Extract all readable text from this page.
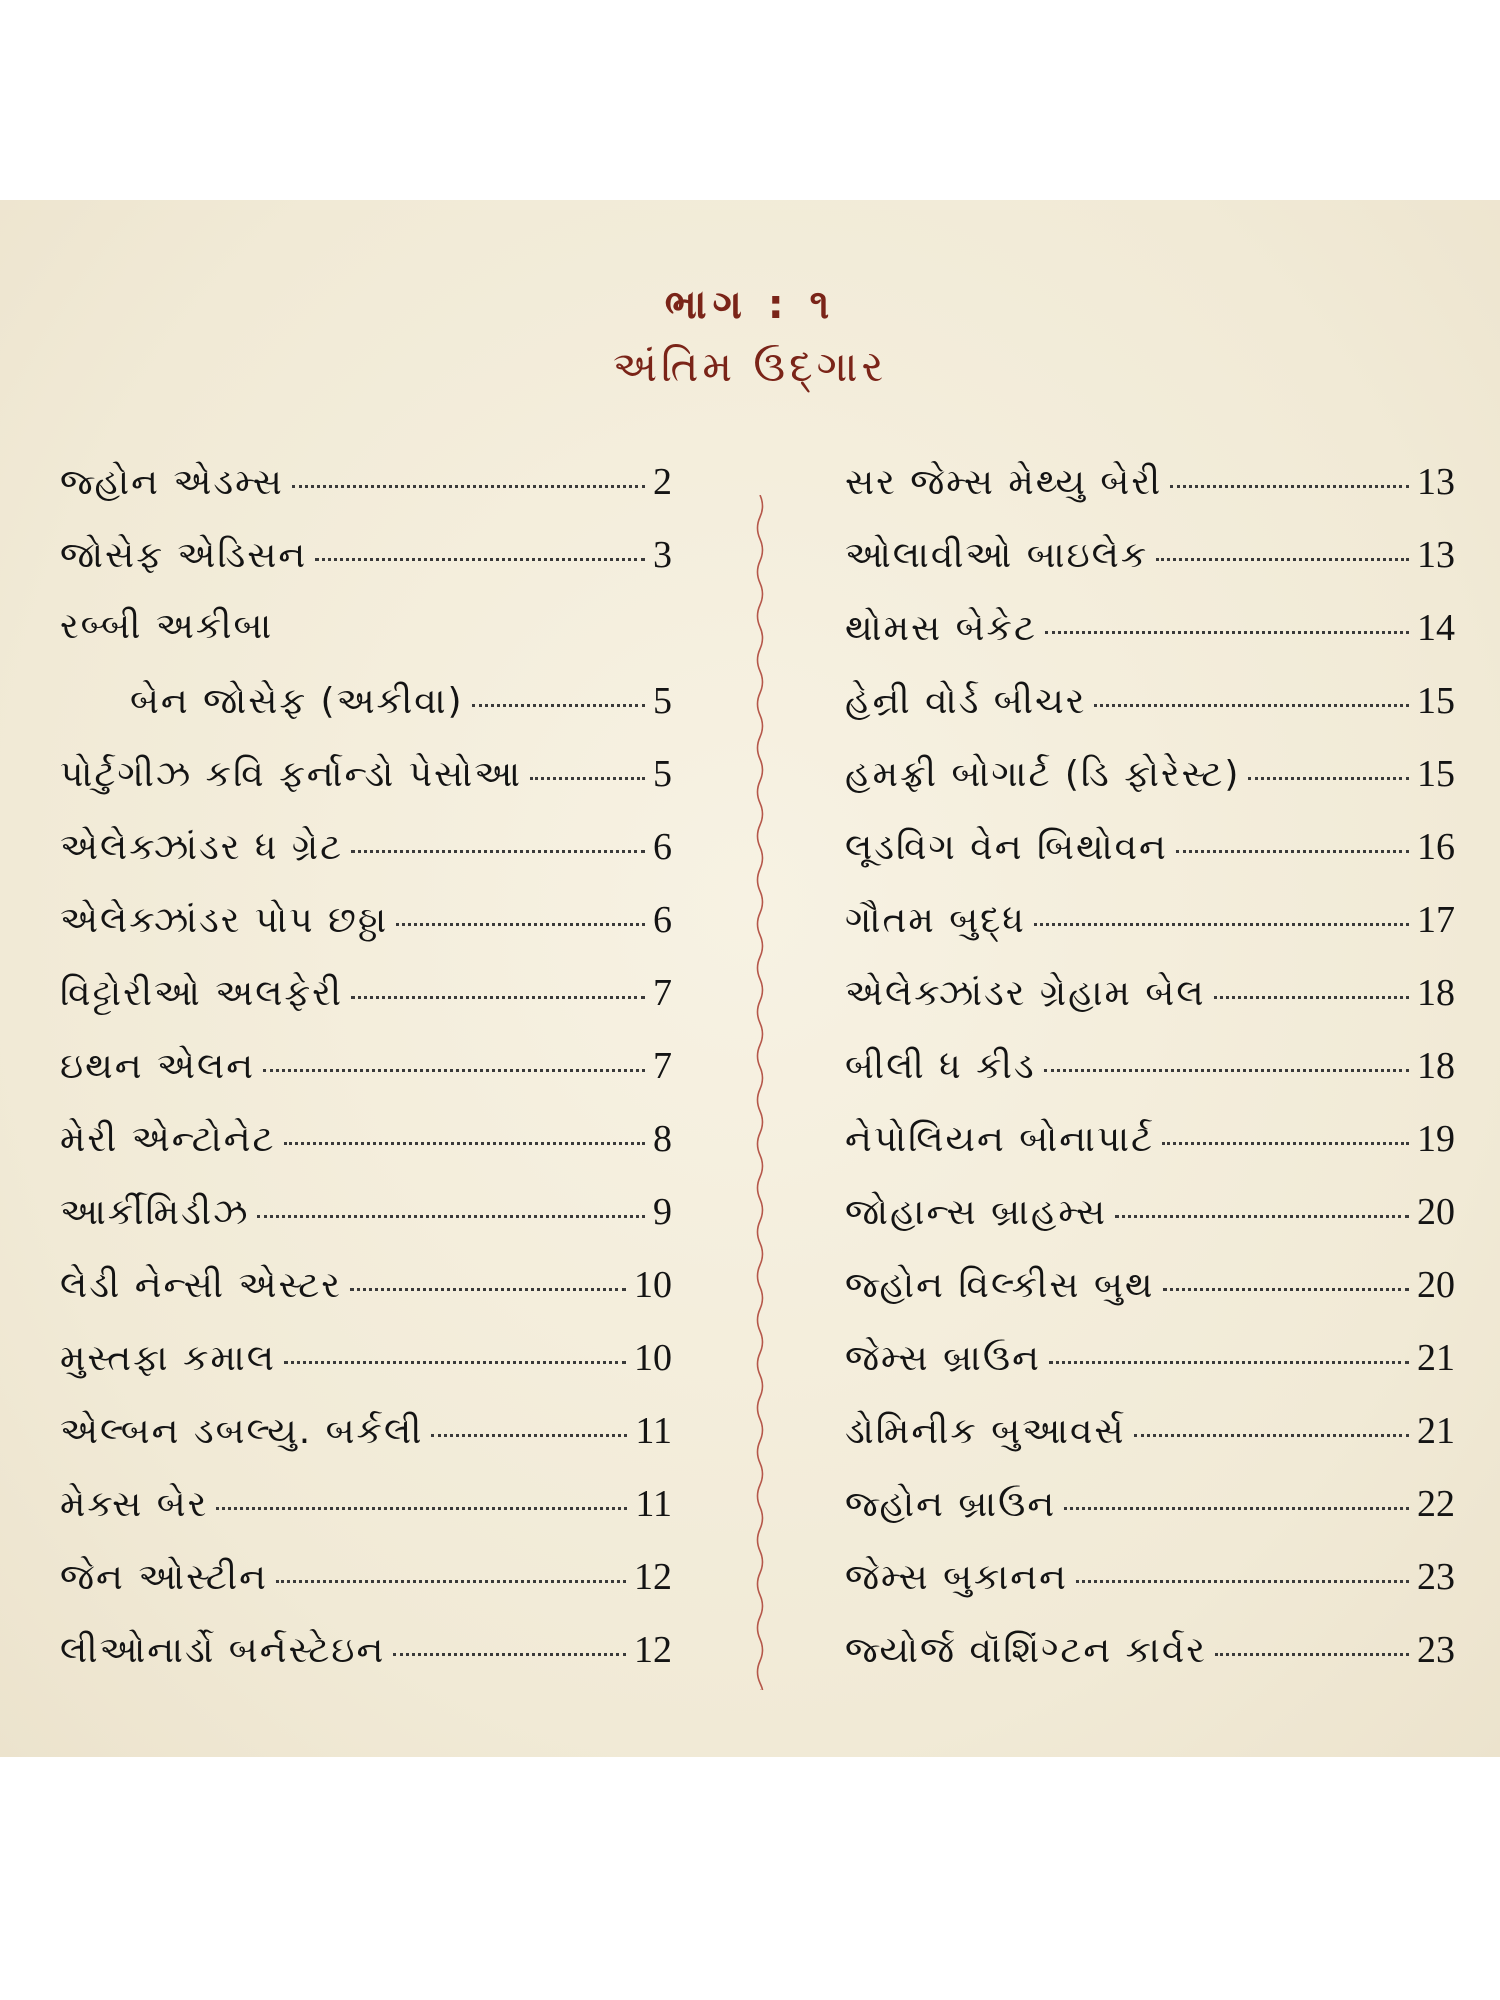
ભાગ : ૧
અંતિમ ઉદ્ગાર
જ્હોન એડમ્સ	2
જોસેફ એડિસન	3
રબ્બી અકીબા
બેન જોસેફ (અકીવા)	5
પોર્ટુગીઝ કવિ ફર્નાન્ડો પેસોઆ	5
એલેક્ઝાંડર ધ ગ્રેટ	6
એલેક્ઝાંડર પોપ છઠ્ઠા	6
વિટ્ટોરીઓ અલફેરી	7
ઇથન એલન	7
મેરી એન્ટોનેટ	8
આર્કીમિડીઝ	9
લેડી નેન્સી એસ્ટર	10
મુસ્તફા કમાલ	10
એલ્બન ડબલ્યુ. બર્કલી	11
મેક્સ બેર	11
જેન ઓસ્ટીન	12
લીઓનાર્ડો બર્નસ્ટેઇન	12
સર જેમ્સ મેથ્યુ બેરી	13
ઓલાવીઓ બાઇલેક	13
થોમસ બેકેટ	14
હેન્રી વોર્ડ બીચર	15
હમફ્રી બોગાર્ટ (ડિ ફોરેસ્ટ)	15
લૂડવિગ વેન બિથોવન	16
ગૌતમ બુદ્ધ	17
એલેક્ઝાંડર ગ્રેહામ બેલ	18
બીલી ધ કીડ	18
નેપોલિયન બોનાપાર્ટ	19
જોહાન્સ બ્રાહમ્સ	20
જ્હોન વિલ્કીસ બુથ	20
જેમ્સ બ્રાઉન	21
ડોમિનીક બુઆવર્સ	21
જ્હોન બ્રાઉન	22
જેમ્સ બુકાનન	23
જ્યોર્જ વૉશિંગ્ટન કાર્વર	23
